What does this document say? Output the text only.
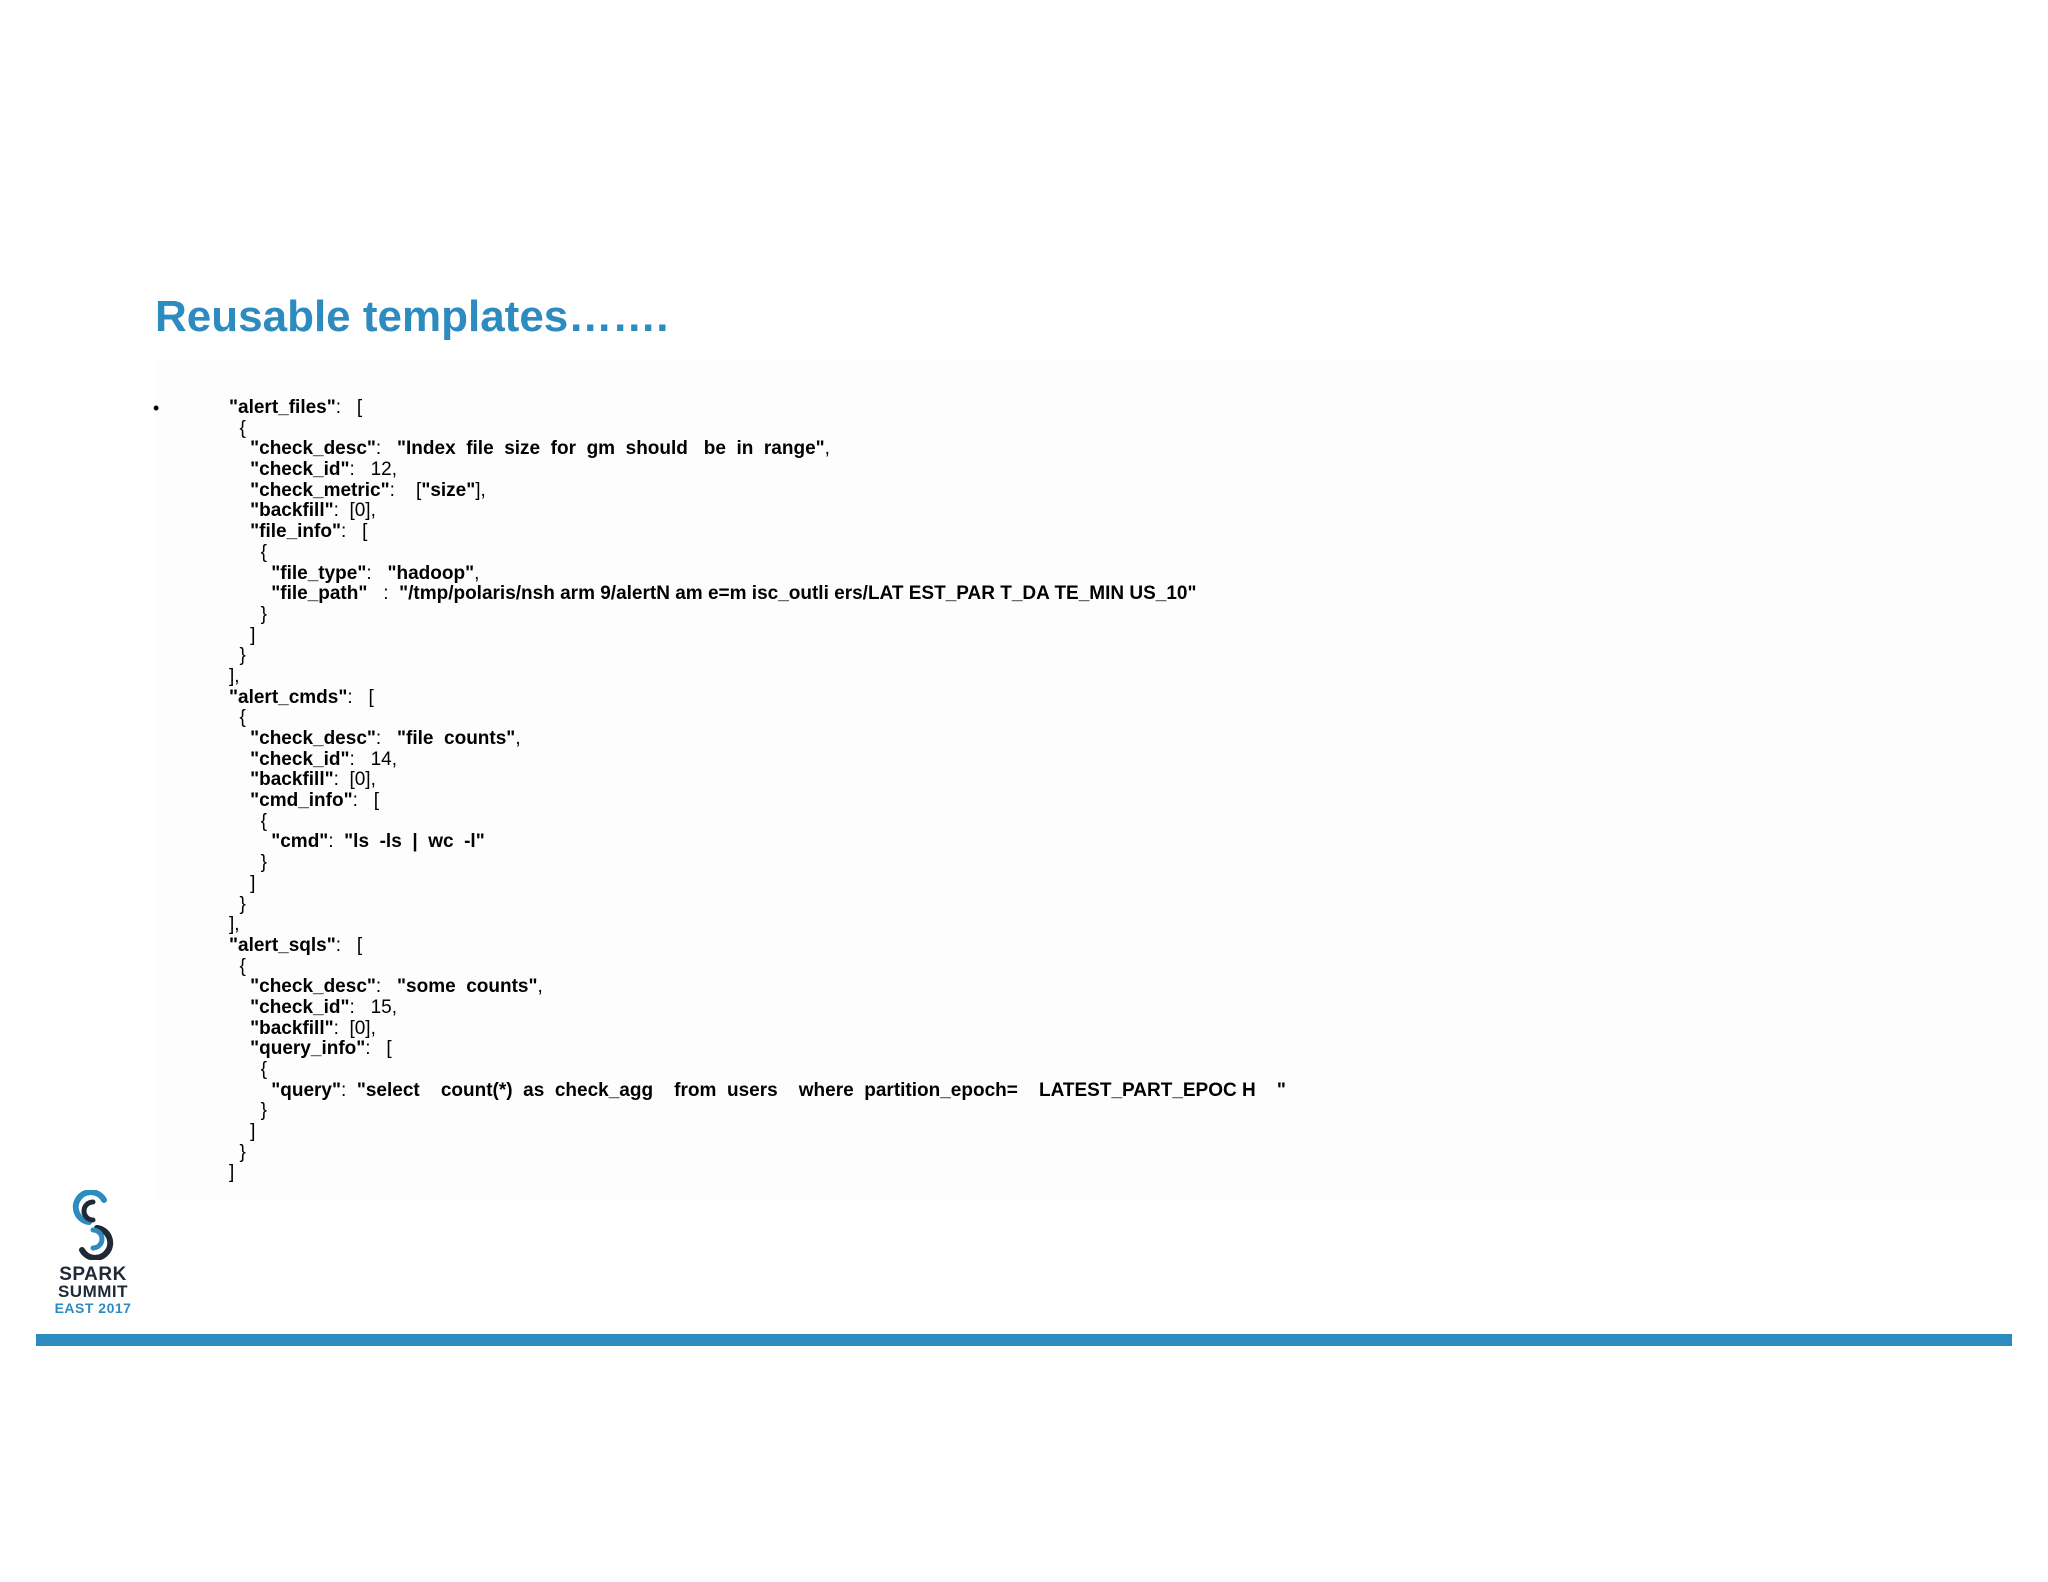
Reusable templates…….
•	"alert_files":   [
{
"check_desc":   "Index  file  size  for  gm  should   be  in  range",
"check_id":   12,
"check_metric":    ["size"],
"backfill":  [0],
"file_info":   [
{
"file_type":   "hadoop",
"file_path"   :  "/tmp/polaris/nsh arm 9/alertN am e=m isc_outli ers/LAT EST_PAR T_DA TE_MIN US_10"
}
]
}
],
"alert_cmds":   [
{
"check_desc":   "file  counts",
"check_id":   14,
"backfill":  [0],
"cmd_info":   [
{
"cmd":  "ls  -ls  |  wc  -l"
}
]
}
],
"alert_sqls":   [
{
"check_desc":   "some  counts",
"check_id":   15,
"backfill":  [0],
"query_info":   [
{
"query":  "select    count(*)  as  check_agg    from  users    where  partition_epoch=    LATEST_PART_EPOC H    "
}
]
}
]
SPARK
SUMMIT
EAST 2017
